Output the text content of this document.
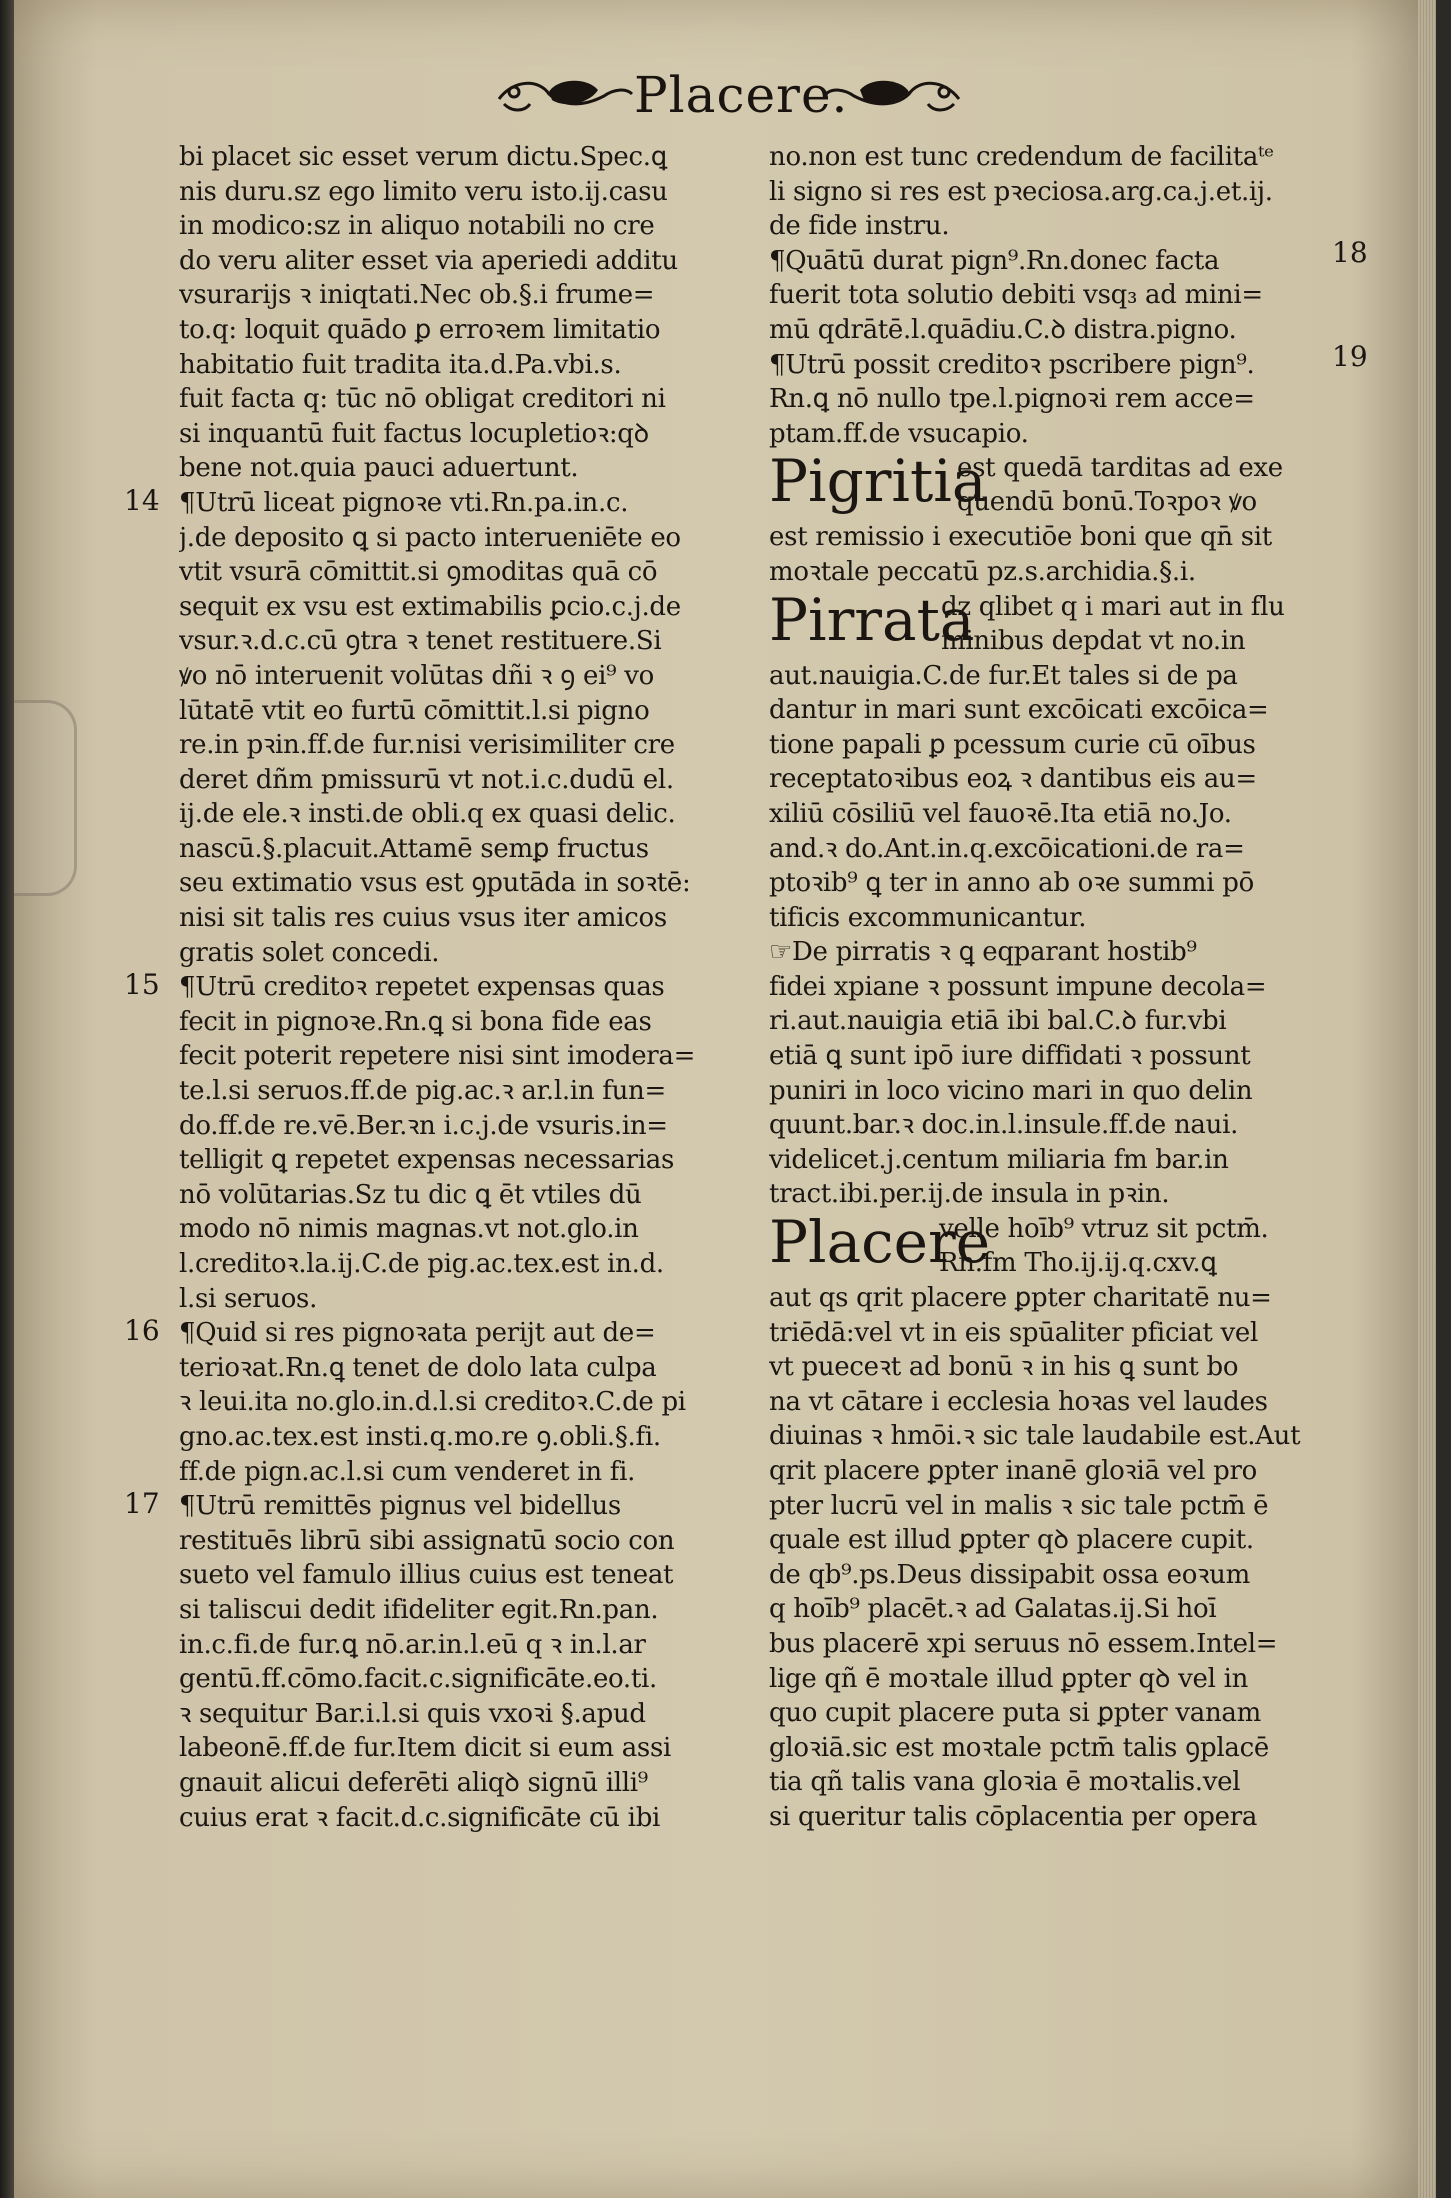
Placere.
bi placet sic esset verum dictu.Spec.ꝗ
nis duru.sz ego limito veru isto.ij.casu
in modico:sz in aliquo notabili no cre
do veru aliter esset via aperiedi additu
vsurarijs ꝛ iniqtati.Nec ob.§.i frume=
to.q: loquit quādo ꝑ erroꝛem limitatio
habitatio fuit tradita ita.d.Pa.vbi.s.
fuit facta q: tūc nō obligat creditori ni
si inquantū fuit factus locupletioꝛ:qꝺ
bene not.quia pauci aduertunt.
¶Utrū liceat pignoꝛe vti.Rn.pa.in.c.
j.de deposito ꝗ si pacto interueniēte eo
vtit vsurā cōmittit.si ꝯmoditas quā cō
sequit ex vsu est extimabilis ꝑcio.c.j.de
vsur.ꝛ.d.c.cū ꝯtra ꝛ tenet restituere.Si
ꝟo nō interuenit volūtas dñi ꝛ ꝯ ei⁹ vo
lūtatē vtit eo furtū cōmittit.l.si pigno
re.in pꝛin.ff.de fur.nisi verisimiliter cre
deret dñm pmissurū vt not.i.c.dudū el.
ij.de ele.ꝛ insti.de obli.q ex quasi delic.
nascū.§.placuit.Attamē semꝑ fructus
seu extimatio vsus est ꝯputāda in soꝛtē:
nisi sit talis res cuius vsus iter amicos
gratis solet concedi.
¶Utrū creditoꝛ repetet expensas quas
fecit in pignoꝛe.Rn.ꝗ si bona fide eas
fecit poterit repetere nisi sint imodera=
te.l.si seruos.ff.de pig.ac.ꝛ ar.l.in fun=
do.ff.de re.vē.Ber.ꝛn i.c.j.de vsuris.in=
telligit ꝗ repetet expensas necessarias
nō volūtarias.Sz tu dic ꝗ ēt vtiles dū
modo nō nimis magnas.vt not.glo.in
l.creditoꝛ.la.ij.C.de pig.ac.tex.est in.d.
l.si seruos.
¶Quid si res pignoꝛata perijt aut de=
terioꝛat.Rn.ꝗ tenet de dolo lata culpa
ꝛ leui.ita no.glo.in.d.l.si creditoꝛ.C.de pi
gno.ac.tex.est insti.q.mo.re ꝯ.obli.§.fi.
ff.de pign.ac.l.si cum venderet in fi.
¶Utrū remittēs pignus vel bidellus
restituēs librū sibi assignatū socio con
sueto vel famulo illius cuius est teneat
si taliscui dedit ifideliter egit.Rn.pan.
in.c.fi.de fur.ꝗ nō.ar.in.l.eū q ꝛ in.l.ar
gentū.ff.cōmo.facit.c.significāte.eo.ti.
ꝛ sequitur Bar.i.l.si quis vxoꝛi §.apud
labeonē.ff.de fur.Item dicit si eum assi
gnauit alicui deferēti aliqꝺ signū illi⁹
cuius erat ꝛ facit.d.c.significāte cū ibi
no.non est tunc credendum de facilitaᵗᵉ
li signo si res est pꝛeciosa.arg.ca.j.et.ij.
de fide instru.
¶Quātū durat pign⁹.Rn.donec facta
fuerit tota solutio debiti vsq₃ ad mini=
mū qdrātē.l.quādiu.C.ꝺ distra.pigno.
¶Utrū possit creditoꝛ pscribere pign⁹.
Rn.ꝗ nō nullo tpe.l.pignoꝛi rem acce=
ptam.ff.de vsucapio.
Pigritia
est quedā tarditas ad exe
quendū bonū.Toꝛpoꝛ ꝟo
est remissio i executiōe boni que qn̄ sit
moꝛtale peccatū pz.s.archidia.§.i.
Pirrata
dz qlibet q i mari aut in flu
minibus depdat vt no.in
aut.nauigia.C.de fur.Et tales si de pa
dantur in mari sunt excōicati excōica=
tione papali ꝑ pcessum curie cū oībus
receptatoꝛibus eoꝝ ꝛ dantibus eis au=
xiliū cōsiliū vel fauoꝛē.Ita etiā no.Jo.
and.ꝛ do.Ant.in.q.excōicationi.de ra=
ptoꝛib⁹ ꝗ ter in anno ab oꝛe summi pō
tificis excommunicantur.
☞De pirratis ꝛ ꝗ eqparant hostib⁹
fidei xpiane ꝛ possunt impune decola=
ri.aut.nauigia etiā ibi bal.C.ꝺ fur.vbi
etiā ꝗ sunt ipō iure diffidati ꝛ possunt
puniri in loco vicino mari in quo delin
quunt.bar.ꝛ doc.in.l.insule.ff.de naui.
videlicet.j.centum miliaria fm bar.in
tract.ibi.per.ij.de insula in pꝛin.
Placere
velle hoīb⁹ vtruz sit pctm̄.
Rn.fm Tho.ij.ij.q.cxv.ꝗ
aut qs qrit placere ꝑpter charitatē nu=
triēdā:vel vt in eis spūaliter pficiat vel
vt pueceꝛt ad bonū ꝛ in his ꝗ sunt bo
na vt cātare i ecclesia hoꝛas vel laudes
diuinas ꝛ hmōi.ꝛ sic tale laudabile est.Aut
qrit placere ꝑpter inanē gloꝛiā vel pro
pter lucrū vel in malis ꝛ sic tale pctm̄ ē
quale est illud ꝑpter qꝺ placere cupit.
de qb⁹.ps.Deus dissipabit ossa eoꝛum
q hoīb⁹ placēt.ꝛ ad Galatas.ij.Si hoī
bus placerē xpi seruus nō essem.Intel=
lige qñ ē moꝛtale illud ꝑpter qꝺ vel in
quo cupit placere puta si ꝑpter vanam
gloꝛiā.sic est moꝛtale pctm̄ talis ꝯplacē
tia qñ talis vana gloꝛia ē moꝛtalis.vel
si queritur talis cōplacentia per opera
14
15
16
17
18
19
